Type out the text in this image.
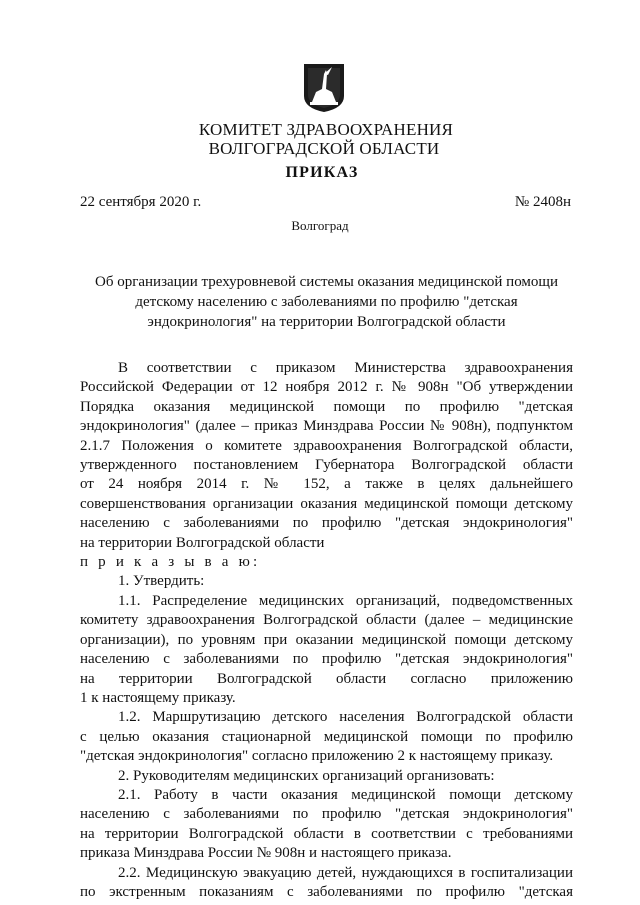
КОМИТЕТ ЗДРАВООХРАНЕНИЯ
ВОЛГОГРАДСКОЙ ОБЛАСТИ
ПРИКАЗ
22 сентября 2020 г.	№ 2408н
Волгоград
Об организации трехуровневой системы оказания медицинской помощи
детскому населению с заболеваниями по профилю "детская
эндокринология" на территории Волгоградской области
В соответствии с приказом Министерства здравоохранения
Российской Федерации от 12 ноября 2012 г. № 908н "Об утверждении
Порядка оказания медицинской помощи по профилю "детская
эндокринология" (далее – приказ Минздрава России № 908н), подпунктом
2.1.7 Положения о комитете здравоохранения Волгоградской области,
утвержденного постановлением Губернатора Волгоградской области
от 24 ноября 2014 г. № 152, а также в целях дальнейшего
совершенствования организации оказания медицинской помощи детскому
населению с заболеваниями по профилю "детская эндокринология"
на территории Волгоградской области
п р и к а з ы в а ю:
1. Утвердить:
1.1. Распределение медицинских организаций, подведомственных
комитету здравоохранения Волгоградской области (далее – медицинские
организации), по уровням при оказании медицинской помощи детскому
населению с заболеваниями по профилю "детская эндокринология"
на территории Волгоградской области согласно приложению
1 к настоящему приказу.
1.2. Маршрутизацию детского населения Волгоградской области
с целью оказания стационарной медицинской помощи по профилю
"детская эндокринология" согласно приложению 2 к настоящему приказу.
2. Руководителям медицинских организаций организовать:
2.1. Работу в части оказания медицинской помощи детскому
населению с заболеваниями по профилю "детская эндокринология"
на территории Волгоградской области в соответствии с требованиями
приказа Минздрава России № 908н и настоящего приказа.
2.2. Медицинскую эвакуацию детей, нуждающихся в госпитализации
по экстренным показаниям с заболеваниями по профилю "детская
